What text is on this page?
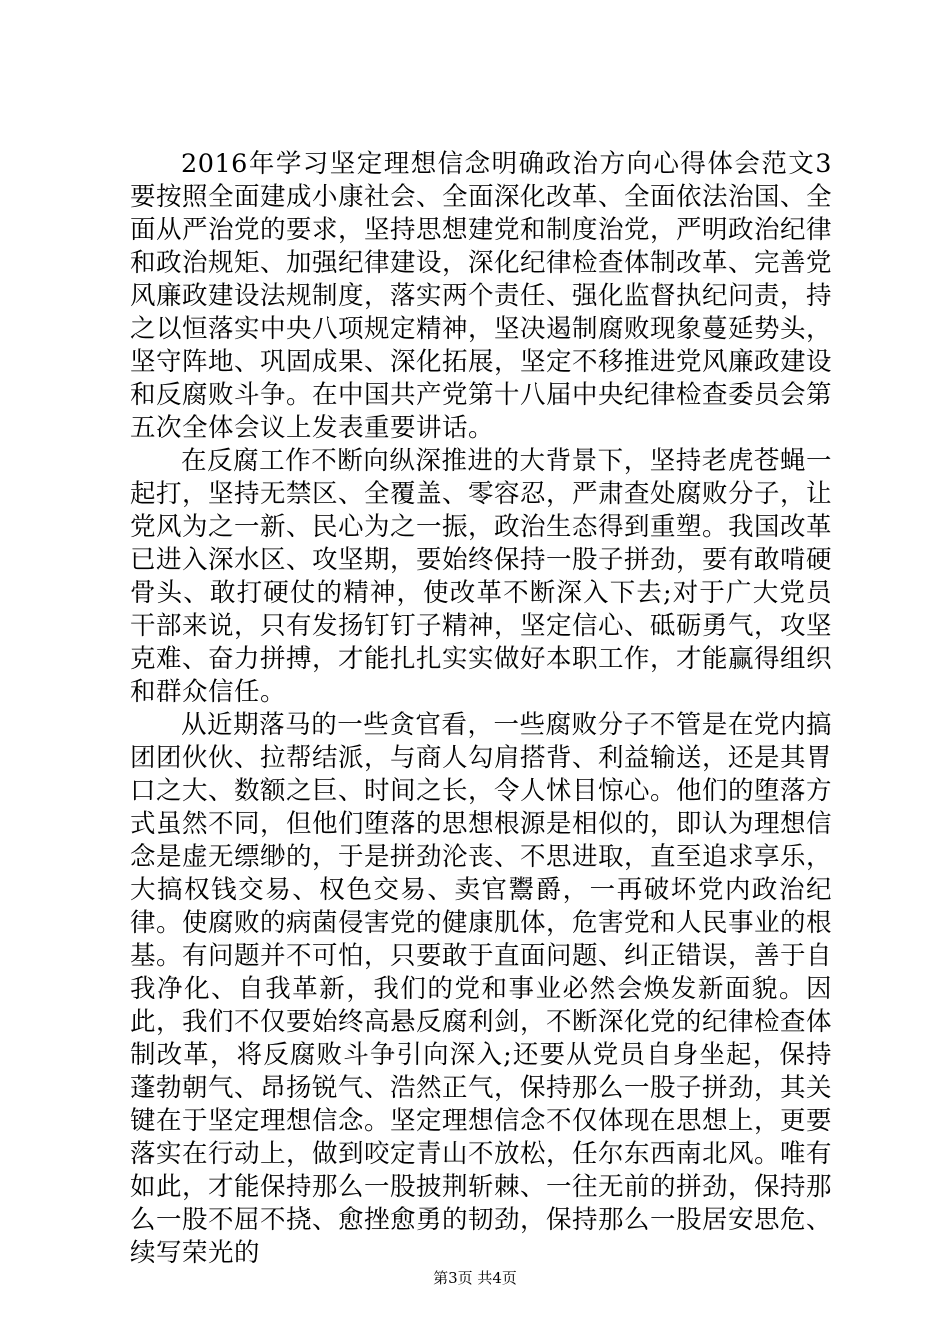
2016年学习坚定理想信念明确政治方向心得体会范文3要按照全面建成小康社会、全面深化改革、全面依法治国、全面从严治党的要求，坚持思想建党和制度治党，严明政治纪律和政治规矩、加强纪律建设，深化纪律检查体制改革、完善党风廉政建设法规制度，落实两个责任、强化监督执纪问责，持之以恒落实中央八项规定精神，坚决遏制腐败现象蔓延势头，坚守阵地、巩固成果、深化拓展，坚定不移推进党风廉政建设和反腐败斗争。在中国共产党第十八届中央纪律检查委员会第五次全体会议上发表重要讲话。

在反腐工作不断向纵深推进的大背景下，坚持老虎苍蝇一起打，坚持无禁区、全覆盖、零容忍，严肃查处腐败分子，让党风为之一新、民心为之一振，政治生态得到重塑。我国改革已进入深水区、攻坚期，要始终保持一股子拼劲，要有敢啃硬骨头、敢打硬仗的精神，使改革不断深入下去;对于广大党员干部来说，只有发扬钉钉子精神，坚定信心、砥砺勇气，攻坚克难、奋力拼搏，才能扎扎实实做好本职工作，才能赢得组织和群众信任。

从近期落马的一些贪官看，一些腐败分子不管是在党内搞团团伙伙、拉帮结派，与商人勾肩搭背、利益输送，还是其胃口之大、数额之巨、时间之长，令人怵目惊心。他们的堕落方式虽然不同，但他们堕落的思想根源是相似的，即认为理想信念是虚无缥缈的，于是拼劲沦丧、不思进取，直至追求享乐，大搞权钱交易、权色交易、卖官鬻爵，一再破坏党内政治纪律。使腐败的病菌侵害党的健康肌体，危害党和人民事业的根基。有问题并不可怕，只要敢于直面问题、纠正错误，善于自我净化、自我革新，我们的党和事业必然会焕发新面貌。因此，我们不仅要始终高悬反腐利剑，不断深化党的纪律检查体制改革，将反腐败斗争引向深入;还要从党员自身坐起，保持蓬勃朝气、昂扬锐气、浩然正气，保持那么一股子拼劲，其关键在于坚定理想信念。坚定理想信念不仅体现在思想上，更要落实在行动上，做到咬定青山不放松，任尔东西南北风。唯有如此，才能保持那么一股披荆斩棘、一往无前的拼劲，保持那么一股不屈不挠、愈挫愈勇的韧劲，保持那么一股居安思危、续写荣光的

第3页 共4页
